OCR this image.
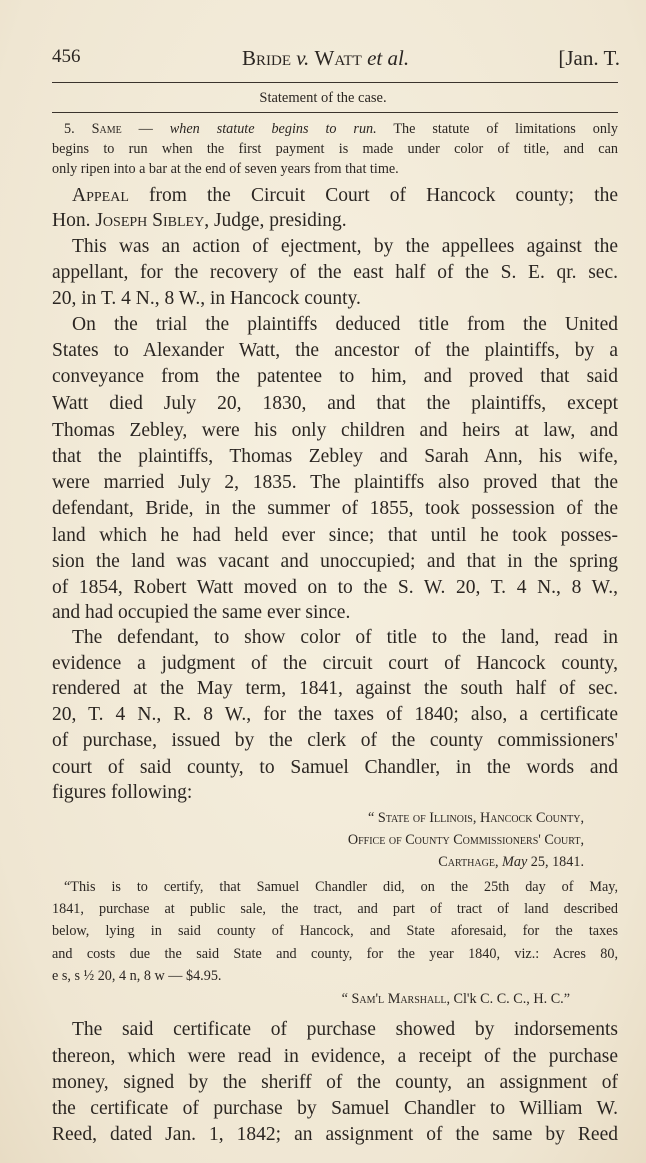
456	Bride v. Watt et al.	[Jan. T.
Statement of the case.
5. Same — when statute begins to run. The statute of limitations only
begins to run when the first payment is made under color of title, and can
only ripen into a bar at the end of seven years from that time.
Appeal from the Circuit Court of Hancock county; the
Hon. Joseph Sibley, Judge, presiding.
This was an action of ejectment, by the appellees against the
appellant, for the recovery of the east half of the S. E. qr. sec.
20, in T. 4 N., 8 W., in Hancock county.
On the trial the plaintiffs deduced title from the United
States to Alexander Watt, the ancestor of the plaintiffs, by a
conveyance from the patentee to him, and proved that said
Watt died July 20, 1830, and that the plaintiffs, except
Thomas Zebley, were his only children and heirs at law, and
that the plaintiffs, Thomas Zebley and Sarah Ann, his wife,
were married July 2, 1835. The plaintiffs also proved that the
defendant, Bride, in the summer of 1855, took possession of the
land which he had held ever since; that until he took posses-
sion the land was vacant and unoccupied; and that in the spring
of 1854, Robert Watt moved on to the S. W. 20, T. 4 N., 8 W.,
and had occupied the same ever since.
The defendant, to show color of title to the land, read in
evidence a judgment of the circuit court of Hancock county,
rendered at the May term, 1841, against the south half of sec.
20, T. 4 N., R. 8 W., for the taxes of 1840; also, a certificate
of purchase, issued by the clerk of the county commissioners'
court of said county, to Samuel Chandler, in the words and
figures following:
“ State of Illinois, Hancock County,
Office of County Commissioners' Court,
Carthage, May 25, 1841.
“This is to certify, that Samuel Chandler did, on the 25th day of May,
1841, purchase at public sale, the tract, and part of tract of land described
below, lying in said county of Hancock, and State aforesaid, for the taxes
and costs due the said State and county, for the year 1840, viz.: Acres 80,
e s, s ½ 20, 4 n, 8 w — $4.95.
“ Sam'l Marshall, Cl'k C. C. C., H. C.”
The said certificate of purchase showed by indorsements
thereon, which were read in evidence, a receipt of the purchase
money, signed by the sheriff of the county, an assignment of
the certificate of purchase by Samuel Chandler to William W.
Reed, dated Jan. 1, 1842; an assignment of the same by Reed
